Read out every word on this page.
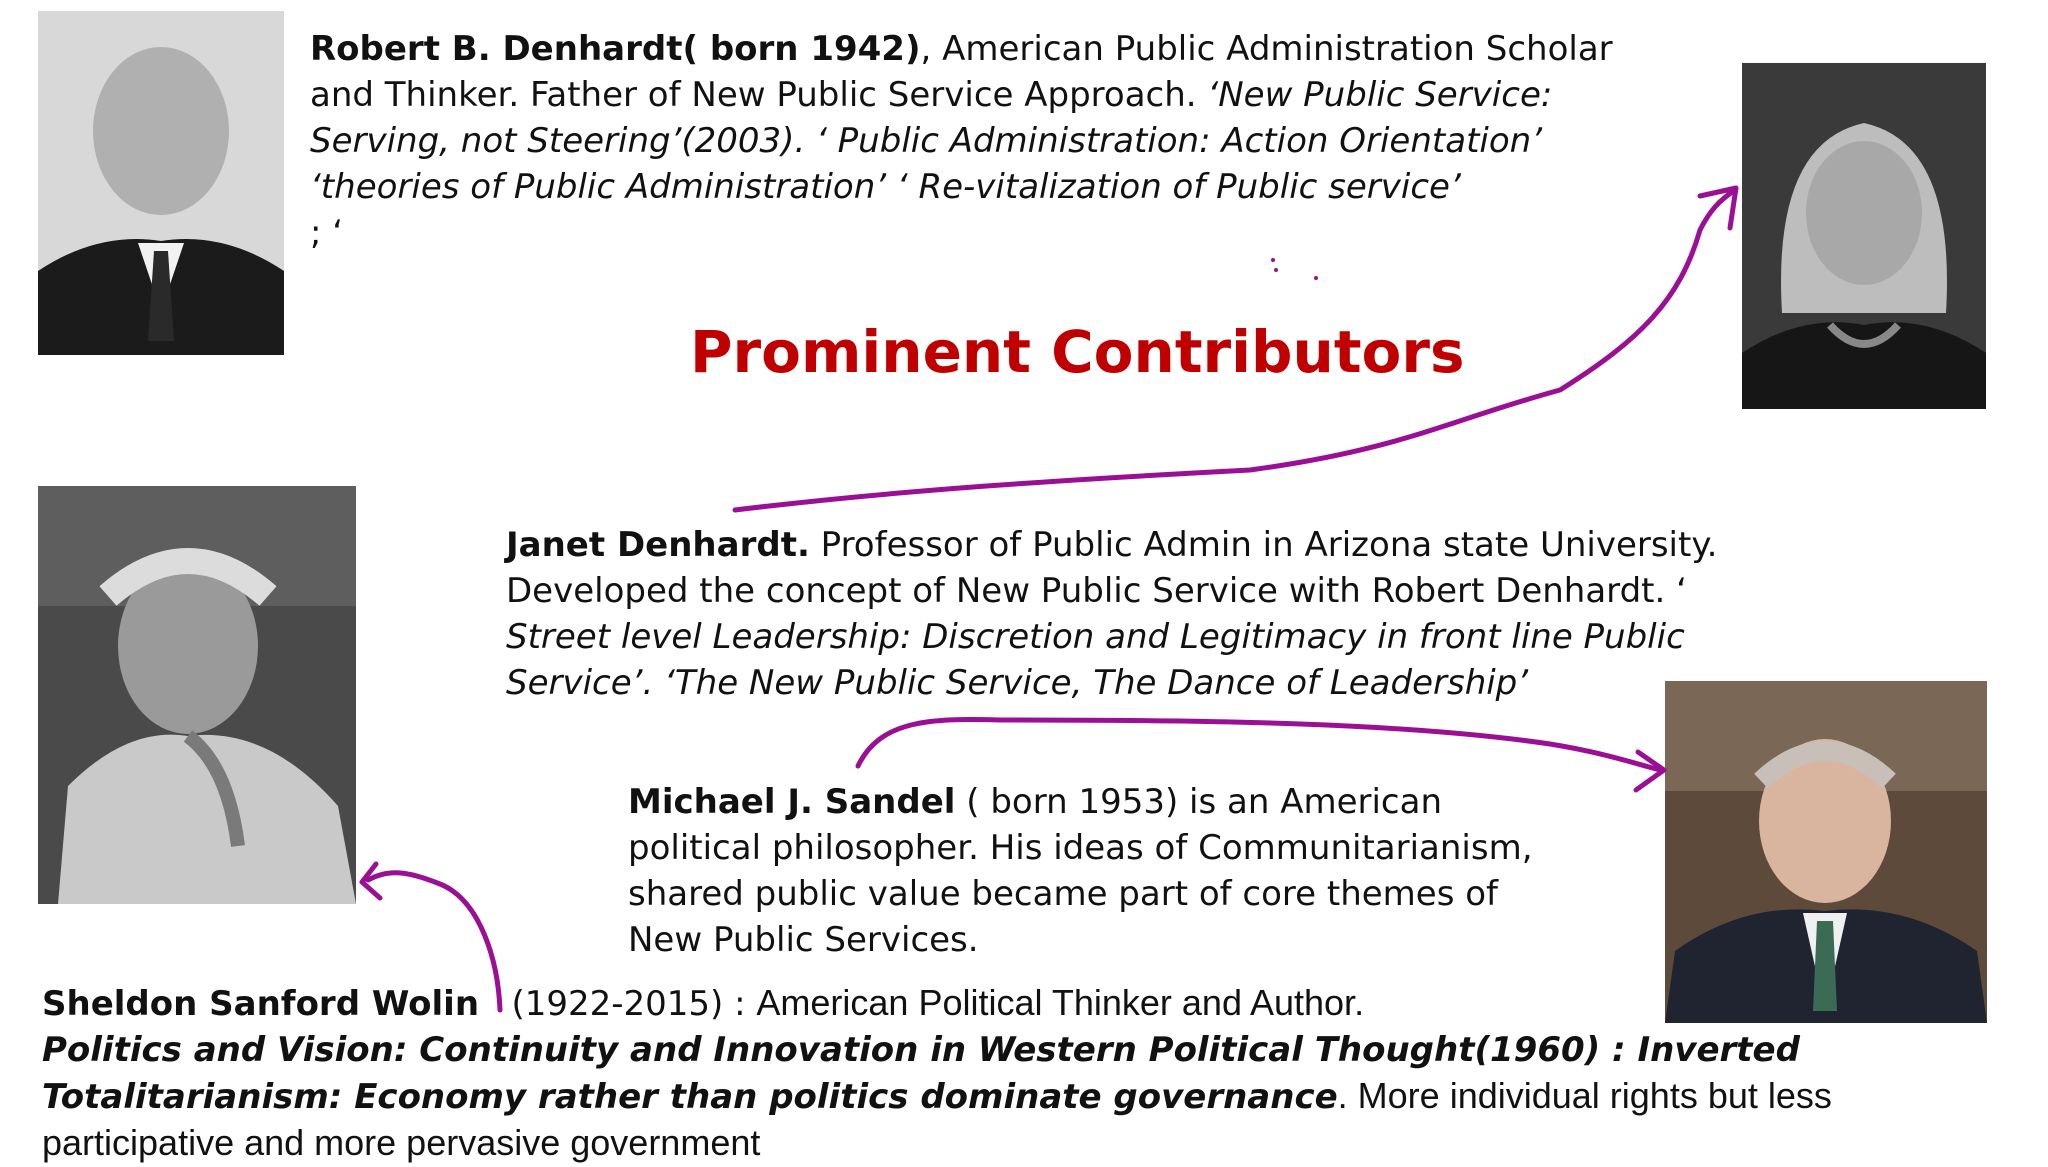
Robert B. Denhardt( born 1942), American Public Administration Scholar and Thinker. Father of New Public Service Approach. ‘New Public Service: Serving, not Steering’(2003). ‘ Public Administration: Action Orientation’ ‘theories of Public Administration’ ‘ Re-vitalization of Public service’
; ‘
Prominent Contributors
Janet Denhardt. Professor of Public Admin in Arizona state University. Developed the concept of New Public Service with Robert Denhardt. ‘ Street level Leadership: Discretion and Legitimacy in front line Public Service’. ‘The New Public Service, The Dance of Leadership’
Michael J. Sandel ( born 1953) is an American political philosopher. His ideas of Communitarianism, shared public value became part of core themes of New Public Services.
Sheldon Sanford Wolin   (1922-2015) : American Political Thinker and Author.
Politics and Vision: Continuity and Innovation in Western Political Thought(1960) : Inverted Totalitarianism: Economy rather than politics dominate governance. More individual rights but less participative and more pervasive government
